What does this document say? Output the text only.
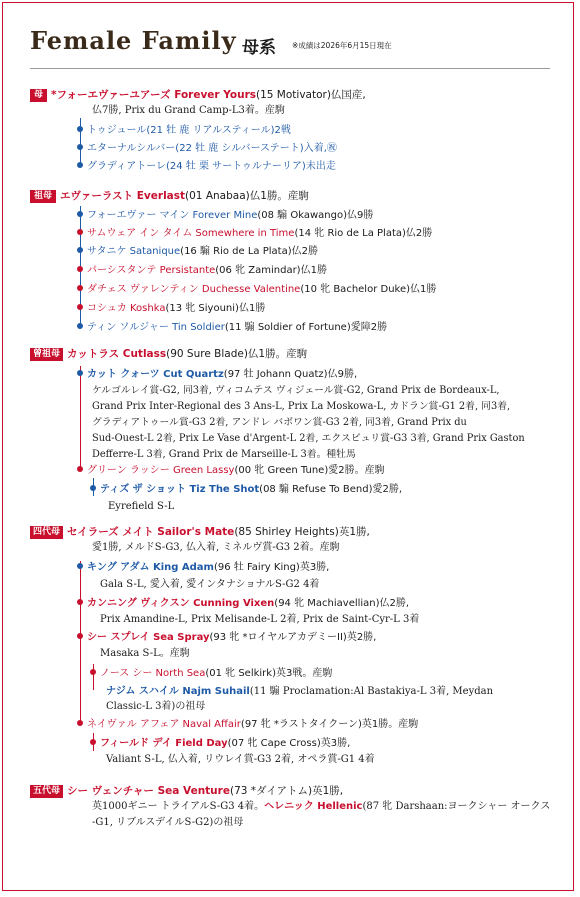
Female Family 母系 ※成績は2026年6月15日現在
母 *フォーエヴァーユアーズ Forever Yours(15 Motivator)仏国産,
仏7勝, Prix du Grand Camp-L3着。産駒
トゥジュール(21 牡 鹿 リアルスティール)2戦
エターナルシルバー(22 牡 鹿 シルバーステート)入着,㊗
グラディアトーレ(24 牡 栗 サートゥルナーリア)未出走
祖母 エヴァーラスト Everlast(01 Anabaa)仏1勝。産駒
フォーエヴァー マイン Forever Mine(08 騸 Okawango)仏9勝
サムウェア イン タイム Somewhere in Time(14 牝 Rio de La Plata)仏2勝
サタニケ Satanique(16 騸 Rio de La Plata)仏2勝
パーシスタンテ Persistante(06 牝 Zamindar)仏1勝
ダチェス ヴァレンティン Duchesse Valentine(10 牝 Bachelor Duke)仏1勝
コシュカ Koshka(13 牝 Siyouni)仏1勝
ティン ソルジャー Tin Soldier(11 騸 Soldier of Fortune)愛障2勝
曾祖母 カットラス Cutlass(90 Sure Blade)仏1勝。産駒
カット クォーツ Cut Quartz(97 牡 Johann Quatz)仏9勝,
ケルゴルレイ賞-G2, 同3着, ヴィコムテス ヴィジェール賞-G2, Grand Prix de Bordeaux-L,
Grand Prix Inter-Regional des 3 Ans-L, Prix La Moskowa-L, カドラン賞-G1 2着, 同3着,
グラディアトゥール賞-G3 2着, アンドレ バボワン賞-G3 2着, 同3着, Grand Prix du
Sud-Ouest-L 2着, Prix Le Vase d'Argent-L 2着, エクスビュリ賞-G3 3着, Grand Prix Gaston
Defferre-L 3着, Grand Prix de Marseille-L 3着。種牡馬
グリーン ラッシー Green Lassy(00 牝 Green Tune)愛2勝。産駒
ティズ ザ ショット Tiz The Shot(08 騸 Refuse To Bend)愛2勝,
Eyrefield S-L
四代母 セイラーズ メイト Sailor's Mate(85 Shirley Heights)英1勝,
愛1勝, メルドS-G3, 仏入着, ミネルヴ賞-G3 2着。産駒
キング アダム King Adam(96 牡 Fairy King)英3勝,
Gala S-L, 愛入着, 愛インタナショナルS-G2 4着
カンニング ヴィクスン Cunning Vixen(94 牝 Machiavellian)仏2勝,
Prix Amandine-L, Prix Melisande-L 2着, Prix de Saint-Cyr-L 3着
シー スプレイ Sea Spray(93 牝 *ロイヤルアカデミーII)英2勝,
Masaka S-L。産駒
ノース シー North Sea(01 牝 Selkirk)英3戦。産駒
ナジム スハイル Najm Suhail(11 騸 Proclamation:Al Bastakiya-L 3着, Meydan
Classic-L 3着)の祖母
ネイヴァル アフェア Naval Affair(97 牝 *ラストタイクーン)英1勝。産駒
フィールド デイ Field Day(07 牝 Cape Cross)英3勝,
Valiant S-L, 仏入着, リウレイ賞-G3 2着, オペラ賞-G1 4着
五代母 シー ヴェンチャー Sea Venture(73 *ダイアトム)英1勝,
英1000ギニー トライアルS-G3 4着。ヘレニック Hellenic(87 牝 Darshaan:ヨークシャー オークス
-G1, リブルスデイルS-G2)の祖母
